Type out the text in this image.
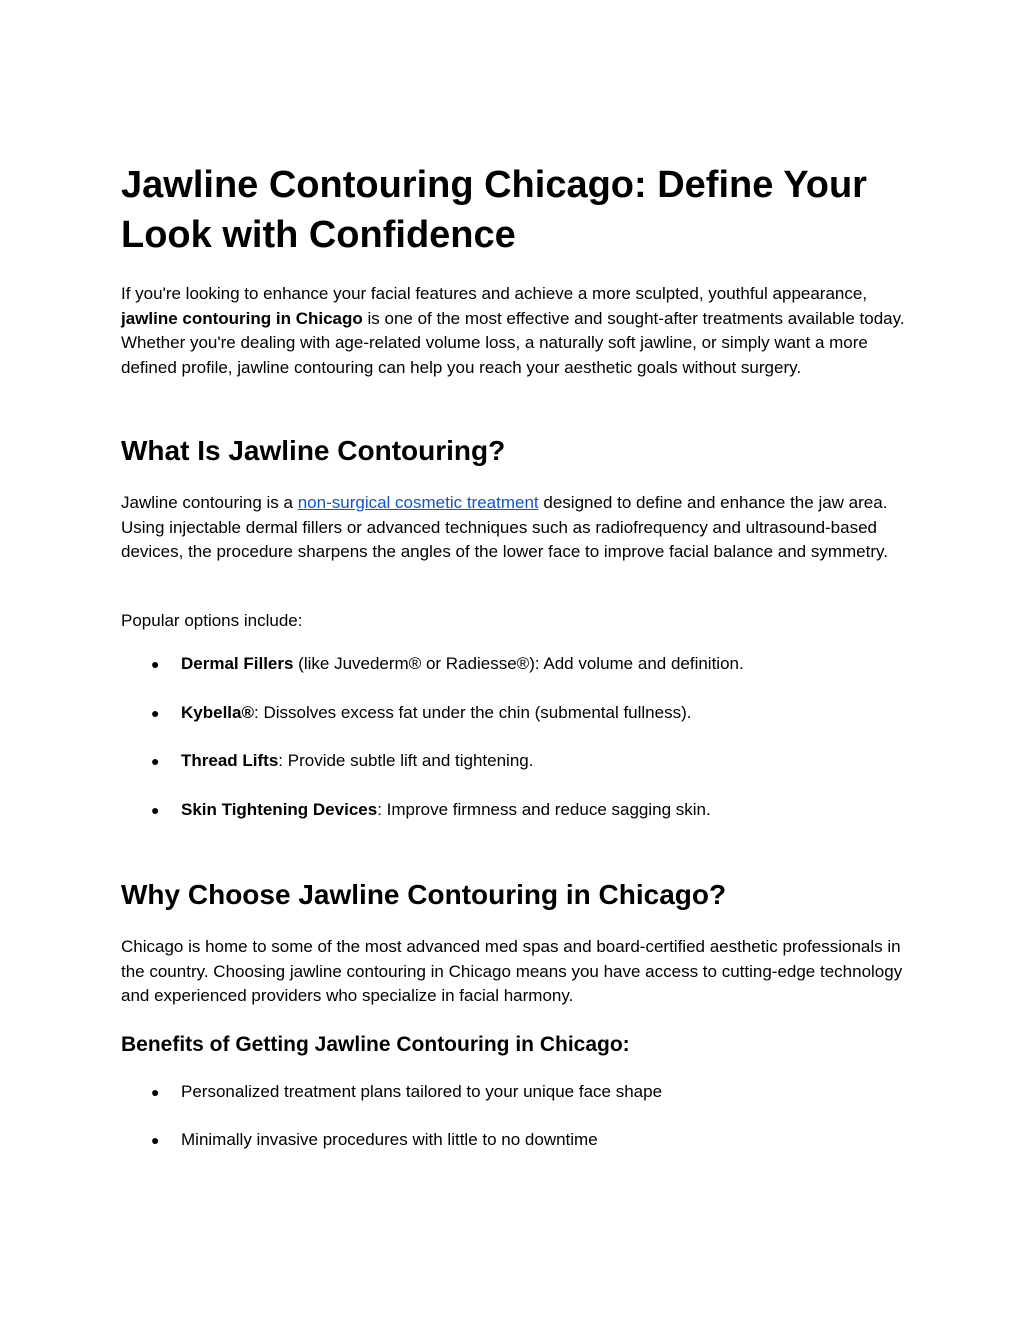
Jawline Contouring Chicago: Define Your Look with Confidence

If you're looking to enhance your facial features and achieve a more sculpted, youthful appearance, jawline contouring in Chicago is one of the most effective and sought-after treatments available today. Whether you're dealing with age-related volume loss, a naturally soft jawline, or simply want a more defined profile, jawline contouring can help you reach your aesthetic goals without surgery.

What Is Jawline Contouring?

Jawline contouring is a non-surgical cosmetic treatment designed to define and enhance the jaw area. Using injectable dermal fillers or advanced techniques such as radiofrequency and ultrasound-based devices, the procedure sharpens the angles of the lower face to improve facial balance and symmetry.

Popular options include:

● Dermal Fillers (like Juvederm® or Radiesse®): Add volume and definition.
● Kybella®: Dissolves excess fat under the chin (submental fullness).
● Thread Lifts: Provide subtle lift and tightening.
● Skin Tightening Devices: Improve firmness and reduce sagging skin.
Why Choose Jawline Contouring in Chicago?

Chicago is home to some of the most advanced med spas and board-certified aesthetic professionals in the country. Choosing jawline contouring in Chicago means you have access to cutting-edge technology and experienced providers who specialize in facial harmony.

Benefits of Getting Jawline Contouring in Chicago:
● Personalized treatment plans tailored to your unique face shape
● Minimally invasive procedures with little to no downtime
